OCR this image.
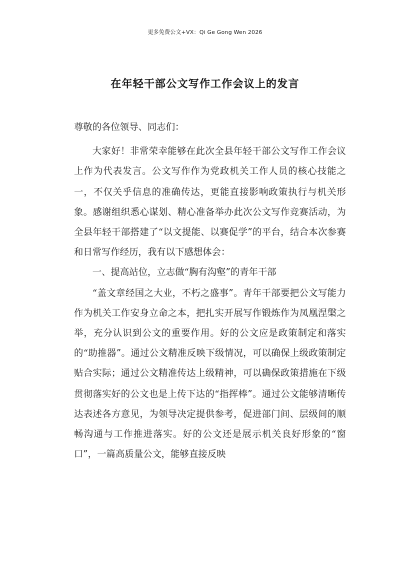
更多免费公文+VX：Qi Ge Gong Wen 2026
在年轻干部公文写作工作会议上的发言

尊敬的各位领导、同志们：

大家好！非常荣幸能够在此次全县年轻干部公文写作工作会议上作为代表发言。公文写作作为党政机关工作人员的核心技能之一，不仅关乎信息的准确传达，更能直接影响政策执行与机关形象。感谢组织悉心谋划、精心准备举办此次公文写作竞赛活动，为全县年轻干部搭建了“以文提能、以赛促学”的平台，结合本次参赛和日常写作经历，我有以下感想体会：

一、提高站位，立志做“胸有沟壑”的青年干部

“盖文章经国之大业，不朽之盛事”。青年干部要把公文写能力作为机关工作安身立命之本，把扎实开展写作锻炼作为凤凰涅槃之举，充分认识到公文的重要作用。好的公文应是政策制定和落实的“助推器”。通过公文精准反映下级情况，可以确保上级政策制定贴合实际；通过公文精准传达上级精神，可以确保政策措施在下级贯彻落实好的公文也是上传下达的“指挥棒”。通过公文能够清晰传达表述各方意见，为领导决定提供参考，促进部门间、层级间的顺畅沟通与工作推进落实。好的公文还是展示机关良好形象的“窗口”，一篇高质量公文，能够直接反映
